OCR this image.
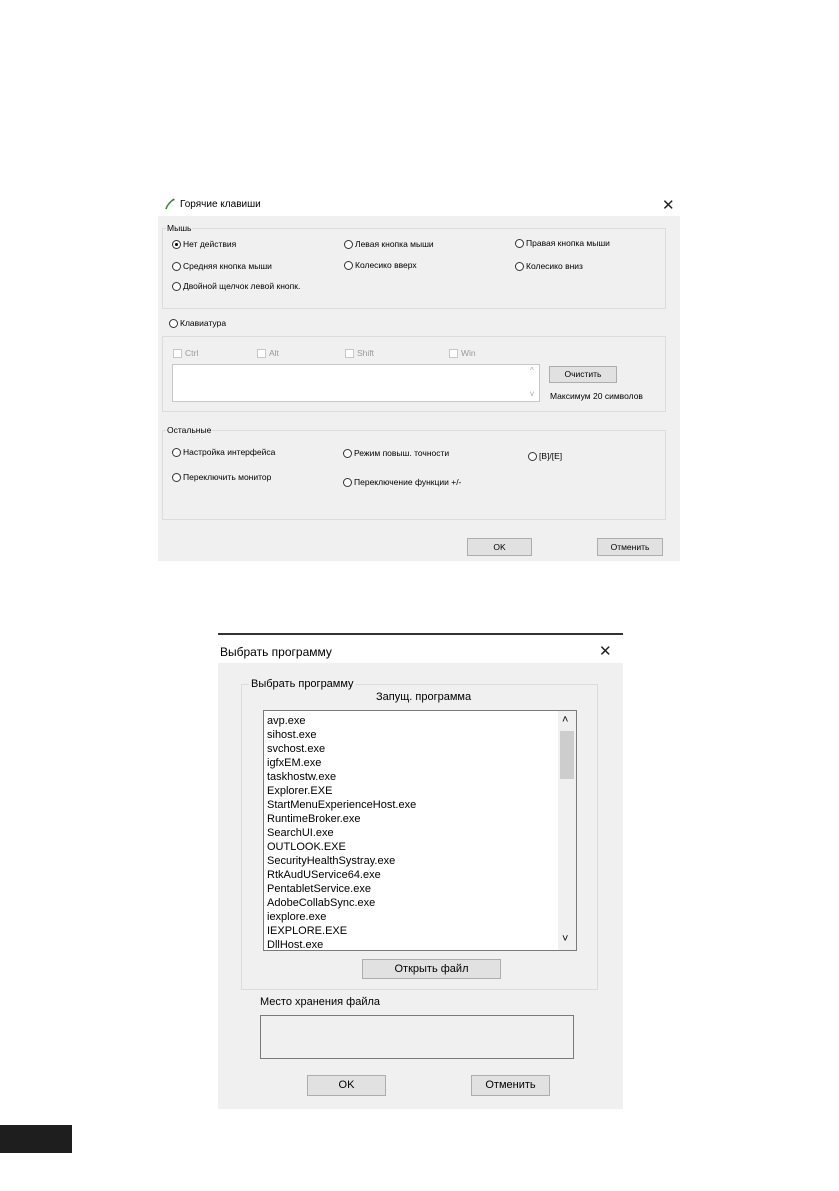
Горячие клавиши	✕
Мышь
Нет действия	Левая кнопка мыши	Правая кнопка мыши
Средняя кнопка мыши	Колесико вверх	Колесико вниз
Двойной щелчок левой кнопк.
Клавиатура
Ctrl	Alt	Shift	Win
^
v
Очистить
Максимум 20 символов
Остальные
Настройка интерфейса	Режим повыш. точности	[B]/[E]
Переключить монитор	Переключение функции +/-
OK	Отменить
Выбрать программу	✕
Выбрать программу
Запущ. программа
avp.exe
sihost.exe
svchost.exe
igfxEM.exe
taskhostw.exe
Explorer.EXE
StartMenuExperienceHost.exe
RuntimeBroker.exe
SearchUI.exe
OUTLOOK.EXE
SecurityHealthSystray.exe
RtkAudUService64.exe
PentabletService.exe
AdobeCollabSync.exe
iexplore.exe
IEXPLORE.EXE
DllHost.exe
˄
˅
Открыть файл
Место хранения файла
OK	Отменить
